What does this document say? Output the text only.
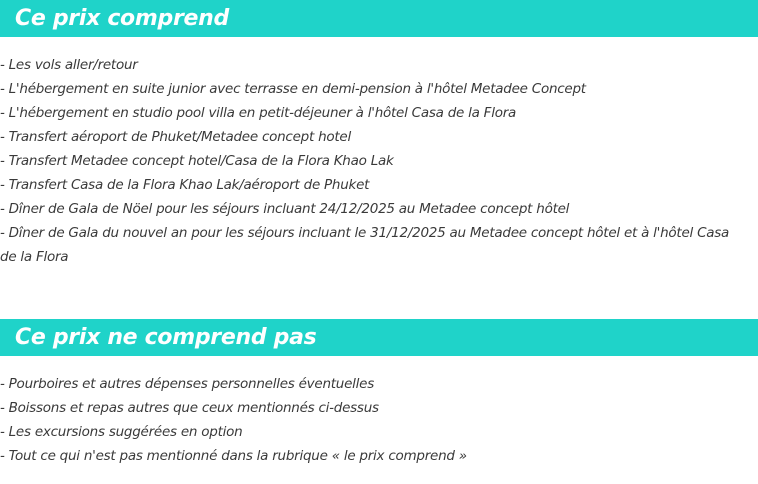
Ce prix comprend
- Les vols aller/retour
- L'hébergement en suite junior avec terrasse en demi-pension à l'hôtel Metadee Concept
- L'hébergement en studio pool villa en petit-déjeuner à l'hôtel Casa de la Flora
- Transfert aéroport de Phuket/Metadee concept hotel
- Transfert Metadee concept hotel/Casa de la Flora Khao Lak
- Transfert Casa de la Flora Khao Lak/aéroport de Phuket
- Dîner de Gala de Nöel pour les séjours incluant 24/12/2025 au Metadee concept hôtel
- Dîner de Gala du nouvel an pour les séjours incluant le 31/12/2025 au Metadee concept hôtel et à l'hôtel Casa de la Flora
Ce prix ne comprend pas
- Pourboires et autres dépenses personnelles éventuelles
- Boissons et repas autres que ceux mentionnés ci-dessus
- Les excursions suggérées en option
- Tout ce qui n'est pas mentionné dans la rubrique « le prix comprend »
